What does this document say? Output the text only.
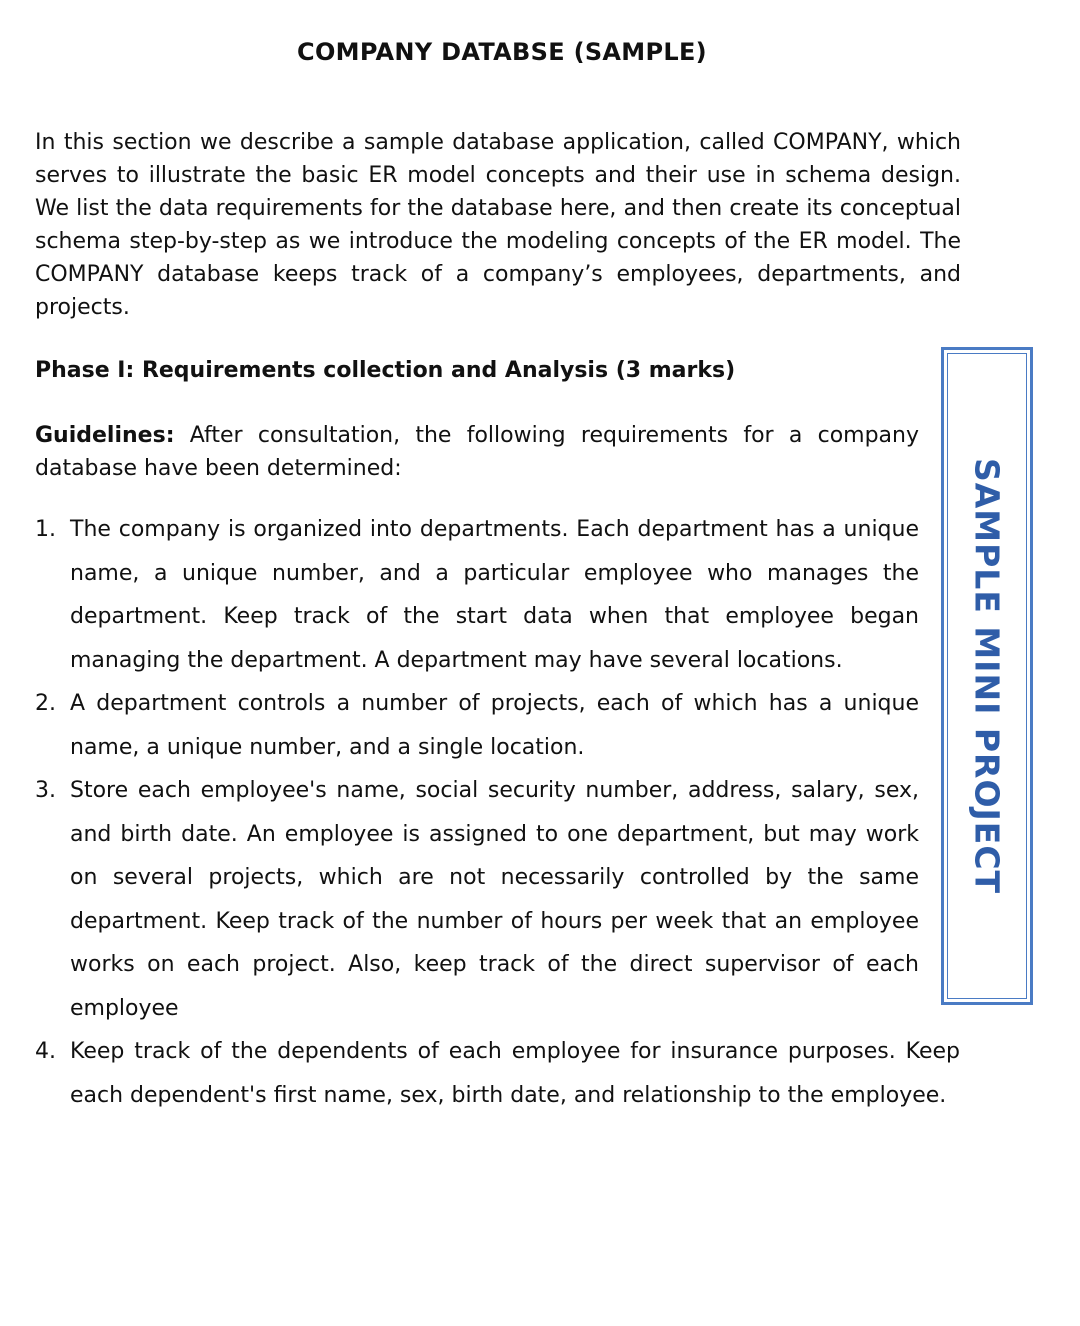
COMPANY DATABSE (SAMPLE)

In this section we describe a sample database application, called COMPANY, which serves to illustrate the basic ER model concepts and their use in schema design. We list the data requirements for the database here, and then create its conceptual schema step-by-step as we introduce the modeling concepts of the ER model. The COMPANY database keeps track of a company’s employees, departments, and projects.

Phase I: Requirements collection and Analysis (3 marks)

Guidelines: After consultation, the following requirements for a company database have been determined:

1. The company is organized into departments. Each department has a unique name, a unique number, and a particular employee who manages the department. Keep track of the start data when that employee began managing the department. A department may have several locations.
2. A department controls a number of projects, each of which has a unique name, a unique number, and a single location.
3. Store each employee's name, social security number, address, salary, sex, and birth date. An employee is assigned to one department, but may work on several projects, which are not necessarily controlled by the same department. Keep track of the number of hours per week that an employee works on each project. Also, keep track of the direct supervisor of each employee
4. Keep track of the dependents of each employee for insurance purposes. Keep each dependent's first name, sex, birth date, and relationship to the employee.
SAMPLE MINI PROJECT
